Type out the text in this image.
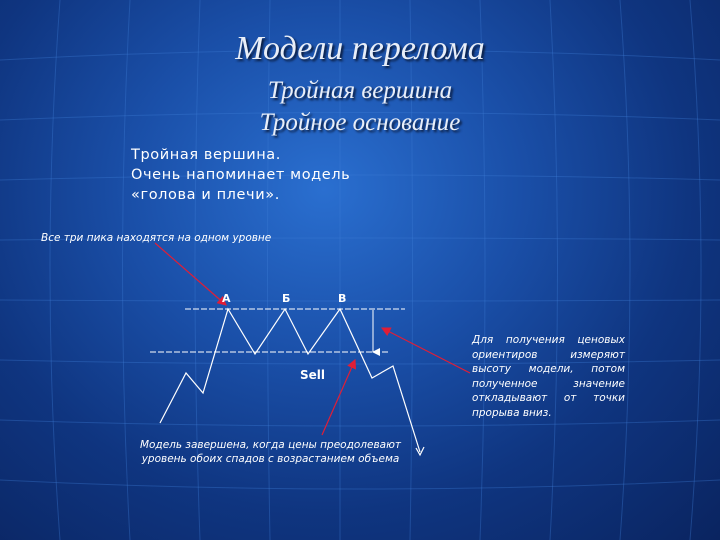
Модели перелома
Тройная вершина
Тройное основание
Тройная вершина.
Очень напоминает модель
«голова и плечи».
Все три пика находятся на одном уровне
А	Б	В
Sell
Для получения ценовых ориентиров измеряют высоту модели, потом полученное значение откладывают от точки прорыва вниз.
Модель завершена, когда цены преодолевают
уровень обоих спадов с возрастанием объема
